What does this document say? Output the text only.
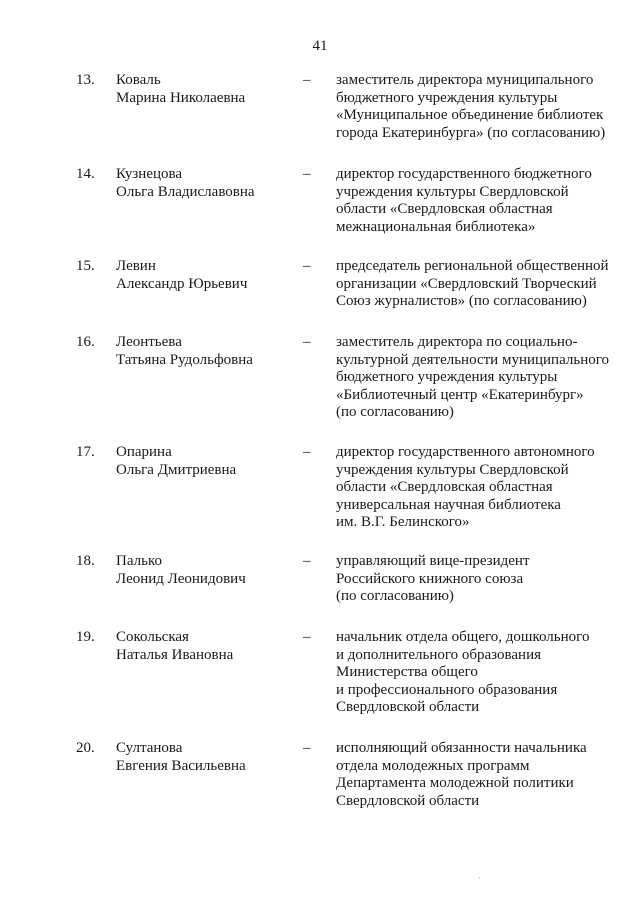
41
13. Коваль
Марина Николаевна
– заместитель директора муниципального
бюджетного учреждения культуры
«Муниципальное объединение библиотек
города Екатеринбурга» (по согласованию)
14. Кузнецова
Ольга Владиславовна
– директор государственного бюджетного
учреждения культуры Свердловской
области «Свердловская областная
межнациональная библиотека»
15. Левин
Александр Юрьевич
– председатель региональной общественной
организации «Свердловский Творческий
Союз журналистов» (по согласованию)
16. Леонтьева
Татьяна Рудольфовна
– заместитель директора по социально-
культурной деятельности муниципального
бюджетного учреждения культуры
«Библиотечный центр «Екатеринбург»
(по согласованию)
17. Опарина
Ольга Дмитриевна
– директор государственного автономного
учреждения культуры Свердловской
области «Свердловская областная
универсальная научная библиотека
им. В.Г. Белинского»
18. Палько
Леонид Леонидович
– управляющий вице-президент
Российского книжного союза
(по согласованию)
19. Сокольская
Наталья Ивановна
– начальник отдела общего, дошкольного
и дополнительного образования
Министерства общего
и профессионального образования
Свердловской области
20. Султанова
Евгения Васильевна
– исполняющий обязанности начальника
отдела молодежных программ
Департамента молодежной политики
Свердловской области
·
